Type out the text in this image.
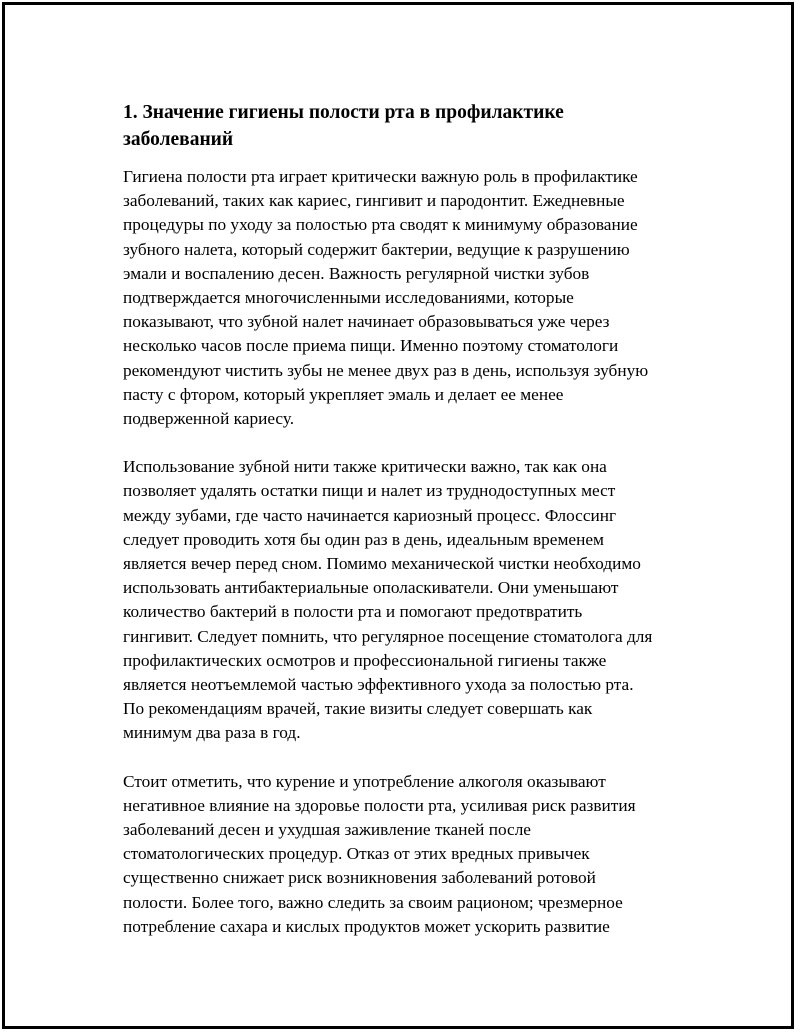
1. Значение гигиены полости рта в профилактике
заболеваний

Гигиена полости рта играет критически важную роль в профилактике
заболеваний, таких как кариес, гингивит и пародонтит. Ежедневные
процедуры по уходу за полостью рта сводят к минимуму образование
зубного налета, который содержит бактерии, ведущие к разрушению
эмали и воспалению десен. Важность регулярной чистки зубов
подтверждается многочисленными исследованиями, которые
показывают, что зубной налет начинает образовываться уже через
несколько часов после приема пищи. Именно поэтому стоматологи
рекомендуют чистить зубы не менее двух раз в день, используя зубную
пасту с фтором, который укрепляет эмаль и делает ее менее
подверженной кариесу.

Использование зубной нити также критически важно, так как она
позволяет удалять остатки пищи и налет из труднодоступных мест
между зубами, где часто начинается кариозный процесс. Флоссинг
следует проводить хотя бы один раз в день, идеальным временем
является вечер перед сном. Помимо механической чистки необходимо
использовать антибактериальные ополаскиватели. Они уменьшают
количество бактерий в полости рта и помогают предотвратить
гингивит. Следует помнить, что регулярное посещение стоматолога для
профилактических осмотров и профессиональной гигиены также
является неотъемлемой частью эффективного ухода за полостью рта.
По рекомендациям врачей, такие визиты следует совершать как
минимум два раза в год.

Стоит отметить, что курение и употребление алкоголя оказывают
негативное влияние на здоровье полости рта, усиливая риск развития
заболеваний десен и ухудшая заживление тканей после
стоматологических процедур. Отказ от этих вредных привычек
существенно снижает риск возникновения заболеваний ротовой
полости. Более того, важно следить за своим рационом; чрезмерное
потребление сахара и кислых продуктов может ускорить развитие
